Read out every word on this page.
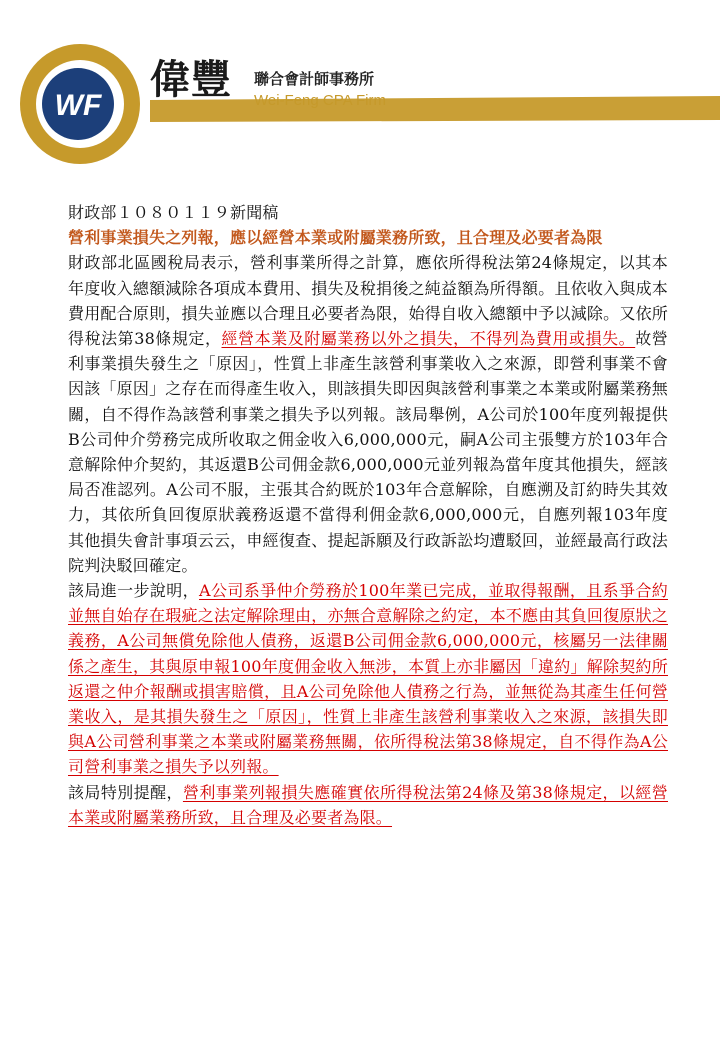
WF
偉豐 聯合會計師事務所
Wei-Feng CPA Firm

財政部１０８０１１９新聞稿

營利事業損失之列報，應以經營本業或附屬業務所致，且合理及必要者為限

財政部北區國稅局表示，營利事業所得之計算，應依所得稅法第24條規定，以其本年度收入總額減除各項成本費用、損失及稅捐後之純益額為所得額。且依收入與成本費用配合原則，損失並應以合理且必要者為限，始得自收入總額中予以減除。又依所得稅法第38條規定，經營本業及附屬業務以外之損失，不得列為費用或損失。故營利事業損失發生之「原因」，性質上非產生該營利事業收入之來源，即營利事業不會因該「原因」之存在而得產生收入，則該損失即因與該營利事業之本業或附屬業務無關，自不得作為該營利事業之損失予以列報。該局舉例，A公司於100年度列報提供B公司仲介勞務完成所收取之佣金收入6,000,000元，嗣A公司主張雙方於103年合意解除仲介契約，其返還B公司佣金款6,000,000元並列報為當年度其他損失，經該局否准認列。A公司不服，主張其合約既於103年合意解除，自應溯及訂約時失其效力，其依所負回復原狀義務返還不當得利佣金款6,000,000元，自應列報103年度其他損失會計事項云云，申經復查、提起訴願及行政訴訟均遭駁回，並經最高行政法院判決駁回確定。

該局進一步說明，A公司系爭仲介勞務於100年業已完成，並取得報酬，且系爭合約並無自始存在瑕疵之法定解除理由，亦無合意解除之約定，本不應由其負回復原狀之義務，A公司無償免除他人債務，返還B公司佣金款6,000,000元，核屬另一法律關係之產生，其與原申報100年度佣金收入無涉，本質上亦非屬因「違約」解除契約所返還之仲介報酬或損害賠償，且A公司免除他人債務之行為，並無從為其產生任何營業收入，是其損失發生之「原因」，性質上非產生該營利事業收入之來源，該損失即與A公司營利事業之本業或附屬業務無關，依所得稅法第38條規定，自不得作為A公司營利事業之損失予以列報。

該局特別提醒，營利事業列報損失應確實依所得稅法第24條及第38條規定，以經營本業或附屬業務所致，且合理及必要者為限。
